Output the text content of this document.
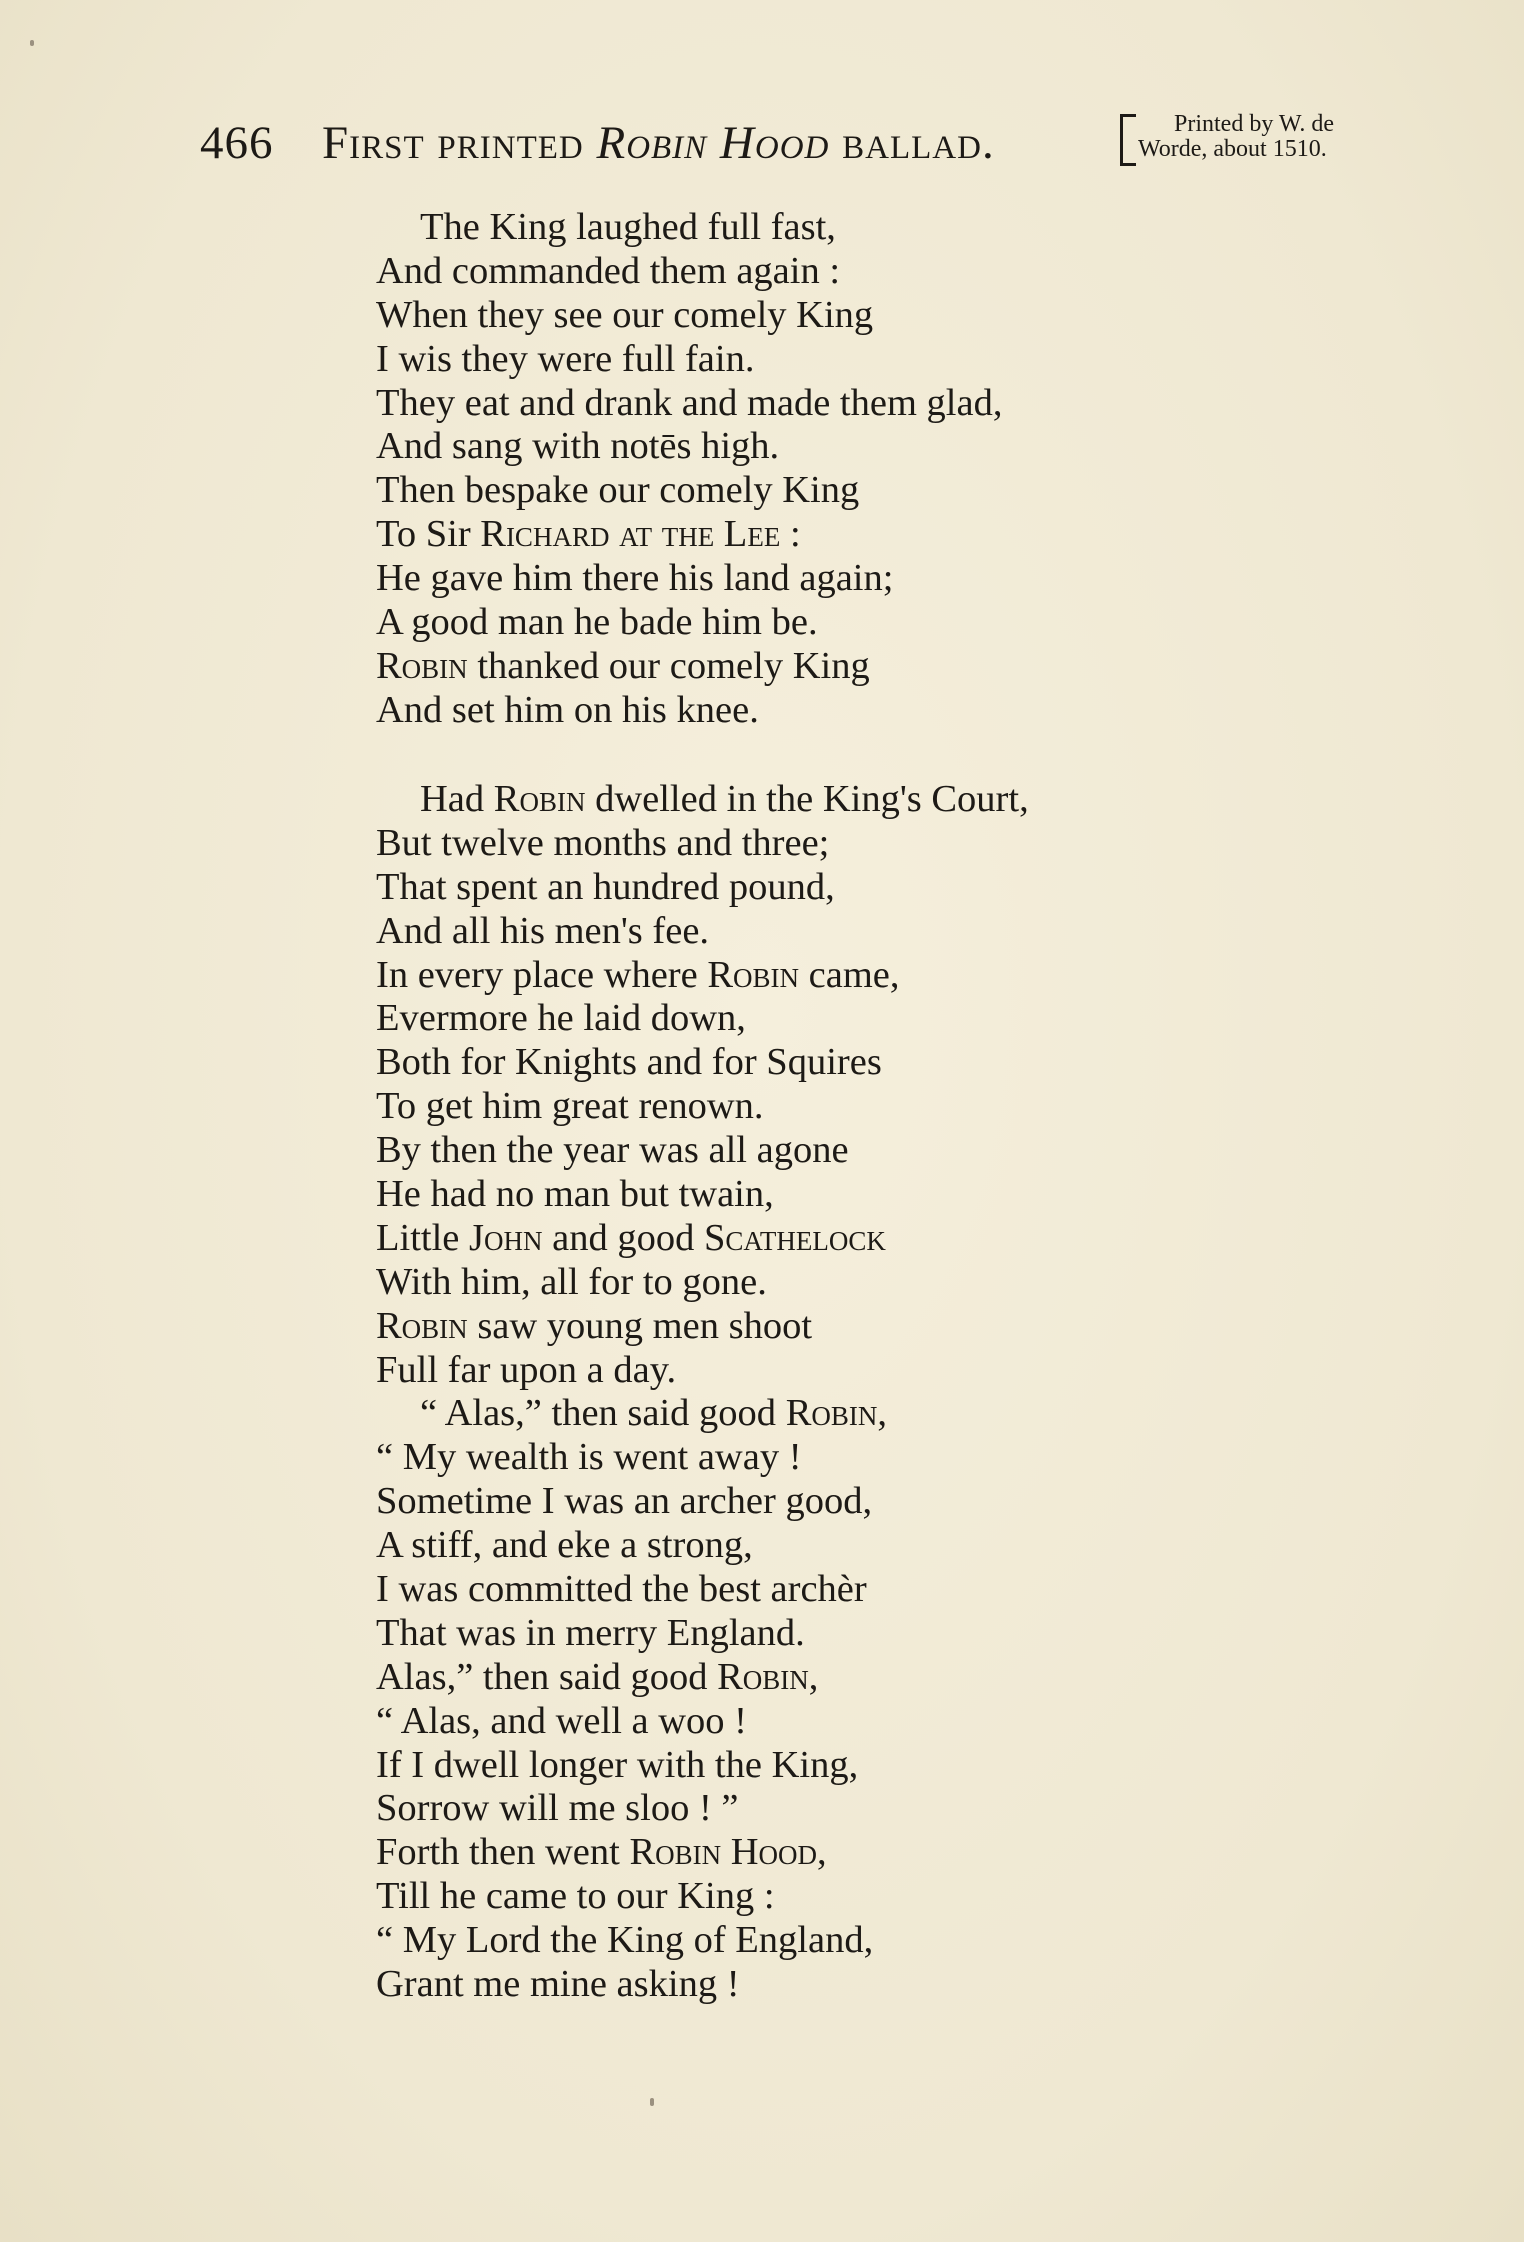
466 First printed Robin Hood ballad.	Printed by W. de
Worde, about 1510.
The King laughed full fast,
And commanded them again :
When they see our comely King
I wis they were full fain.
They eat and drank and made them glad,
And sang with notēs high.
Then bespake our comely King
To Sir Richard at the Lee :
He gave him there his land again;
A good man he bade him be.
Robin thanked our comely King
And set him on his knee.
Had Robin dwelled in the King's Court,
But twelve months and three;
That spent an hundred pound,
And all his men's fee.
In every place where Robin came,
Evermore he laid down,
Both for Knights and for Squires
To get him great renown.
By then the year was all agone
He had no man but twain,
Little John and good Scathelock
With him, all for to gone.
Robin saw young men shoot
Full far upon a day.
“ Alas,” then said good Robin,
“ My wealth is went away !
Sometime I was an archer good,
A stiff, and eke a strong,
I was committed the best archèr
That was in merry England.
Alas,” then said good Robin,
“ Alas, and well a woo !
If I dwell longer with the King,
Sorrow will me sloo ! ”
Forth then went Robin Hood,
Till he came to our King :
“ My Lord the King of England,
Grant me mine asking !
